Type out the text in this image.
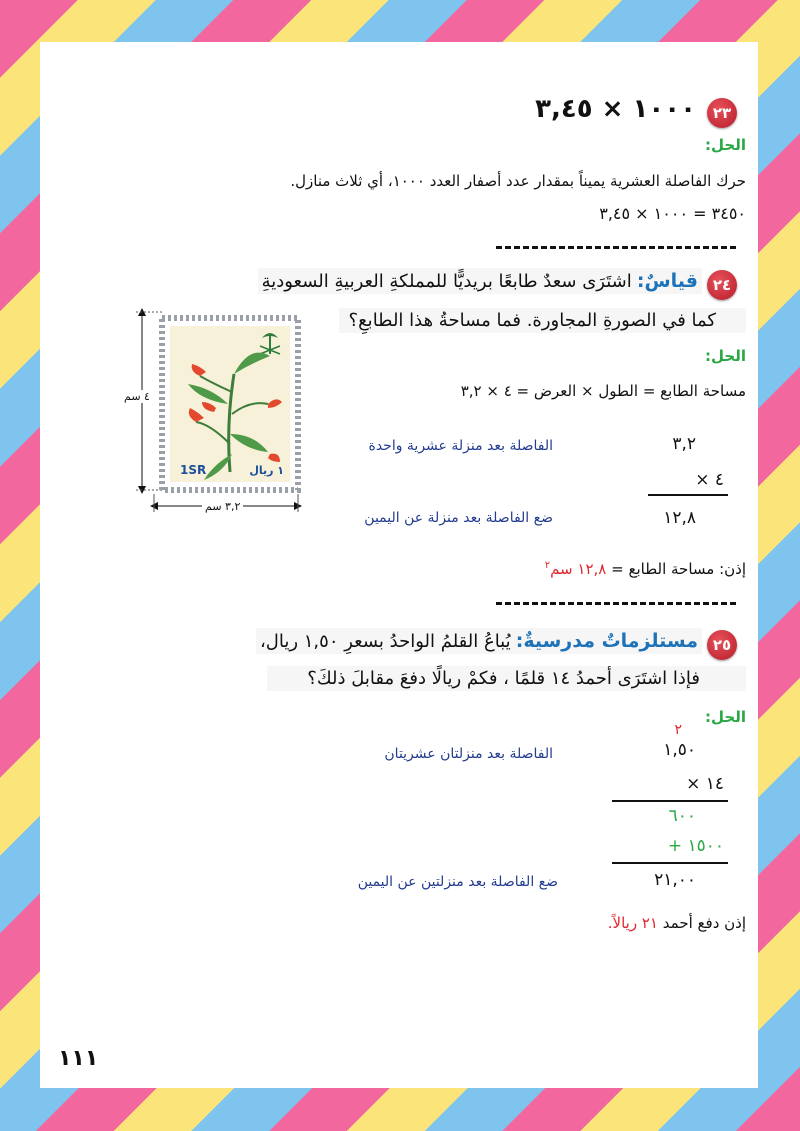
٢٣
١٠٠٠ × ٣,٤٥
الحل:
حرك الفاصلة العشرية يميناً بمقدار عدد أصفار العدد ١٠٠٠، أي ثلاث منازل.
٣٤٥٠ = ١٠٠٠ × ٣,٤٥
٢٤
قياسٌ: اشتَرَى سعدٌ طابعًا بريديًّا للمملكةِ العربيةِ السعوديةِ
كما في الصورةِ المجاورة. فما مساحةُ هذا الطابعِ؟
1SR	١ ريال
٤ سم
٣,٢ سم
الحل:
مساحة الطابع = الطول × العرض = ٤ × ٣,٢
٣,٢
الفاصلة بعد منزلة عشرية واحدة
× ٤
١٢,٨
ضع الفاصلة بعد منزلة عن اليمين
إذن: مساحة الطابع = ١٢,٨ سم$^٢$
٢٥
مستلزماتٌ مدرسيةٌ: يُباعُ القلمُ الواحدُ بسعرِ ١,٥٠ ريال،
فإذا اشتَرَى أحمدُ ١٤ قلمًا ، فكمْ ريالًا دفعَ مقابلَ ذلكَ؟
الحل:
٢
١,٥٠
الفاصلة بعد منزلتان عشريتان
× ١٤
٦٠٠
+ ١٥٠٠
٢١,٠٠
ضع الفاصلة بعد منزلتين عن اليمين
إذن دفع أحمد ٢١ ريالاً.
١١١
